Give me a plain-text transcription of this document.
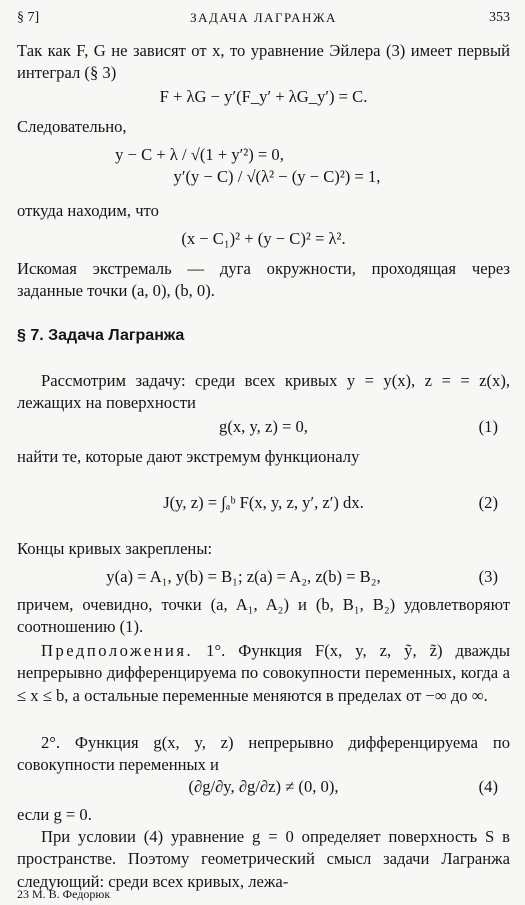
§ 7]	ЗАДАЧА ЛАГРАНЖА	353

Так как F, G не зависят от x, то уравнение Эйлера (3) имеет первый интеграл (§ 3)

F + λG − y′(F_y′ + λG_y′) = C.

Следовательно,

y − C + λ / √(1 + y′²) = 0,
y′(y − C) / √(λ² − (y − C)²) = 1,

откуда находим, что

(x − C₁)² + (y − C)² = λ².

Искомая экстремаль — дуга окружности, проходящая через заданные точки (a, 0), (b, 0).

§ 7. Задача Лагранжа

Рассмотрим задачу: среди всех кривых y = y(x), z = = z(x), лежащих на поверхности

g(x, y, z) = 0,	(1)

найти те, которые дают экстремум функционалу

J(y, z) = ∫ₐᵇ F(x, y, z, y′, z′) dx.	(2)

Концы кривых закреплены:

y(a) = A₁, y(b) = B₁; z(a) = A₂, z(b) = B₂,	(3)

причем, очевидно, точки (a, A₁, A₂) и (b, B₁, B₂) удовлетворяют соотношению (1).

Предположения. 1°. Функция F(x, y, z, ỹ, z̃) дважды непрерывно дифференцируема по совокупности переменных, когда a ≤ x ≤ b, а остальные переменные меняются в пределах от −∞ до ∞.

2°. Функция g(x, y, z) непрерывно дифференцируема по совокупности переменных и

(∂g/∂y, ∂g/∂z) ≠ (0, 0),	(4)

если g = 0.

При условии (4) уравнение g = 0 определяет поверхность S в пространстве. Поэтому геометрический смысл задачи Лагранжа следующий: среди всех кривых, лежа-

23 М. В. Федорюк
